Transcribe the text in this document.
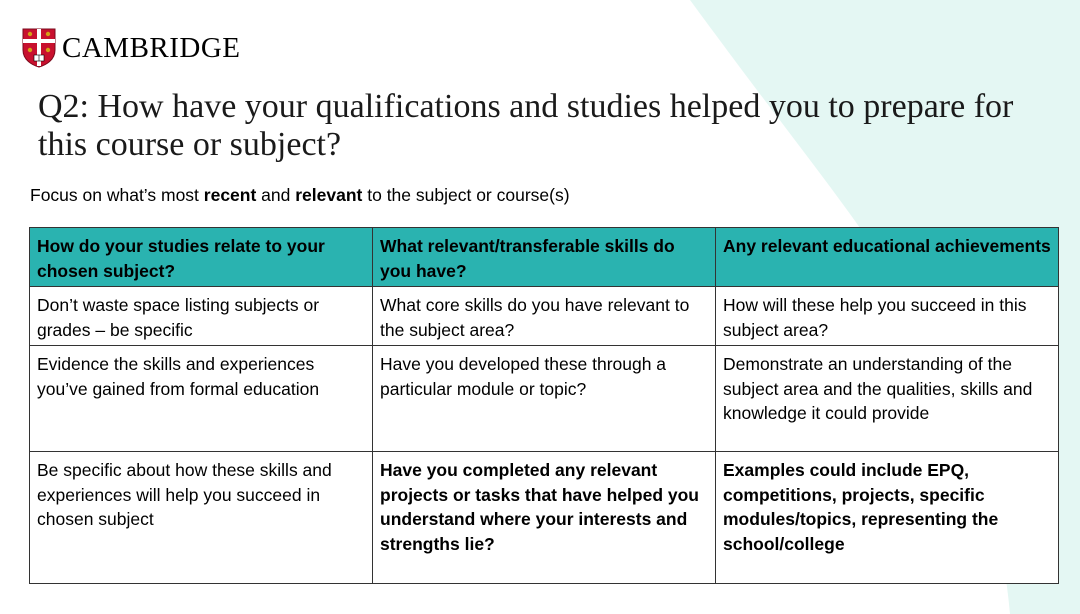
CAMBRIDGE
Q2: How have your qualifications and studies helped you to prepare for this course or subject?
Focus on what’s most recent and relevant to the subject or course(s)
How do your studies relate to your chosen subject?	What relevant/transferable skills do you have?	Any relevant educational achievements
Don’t waste space listing subjects or grades – be specific	What core skills do you have relevant to the subject area?	How will these help you succeed in this subject area?
Evidence the skills and experiences you’ve gained from formal education	Have you developed these through a particular module or topic?	Demonstrate an understanding of the subject area and the qualities, skills and knowledge it could provide
Be specific about how these skills and experiences will help you succeed in chosen subject	Have you completed any relevant projects or tasks that have helped you understand where your interests and strengths lie?	Examples could include EPQ, competitions, projects, specific modules/topics, representing the school/college
